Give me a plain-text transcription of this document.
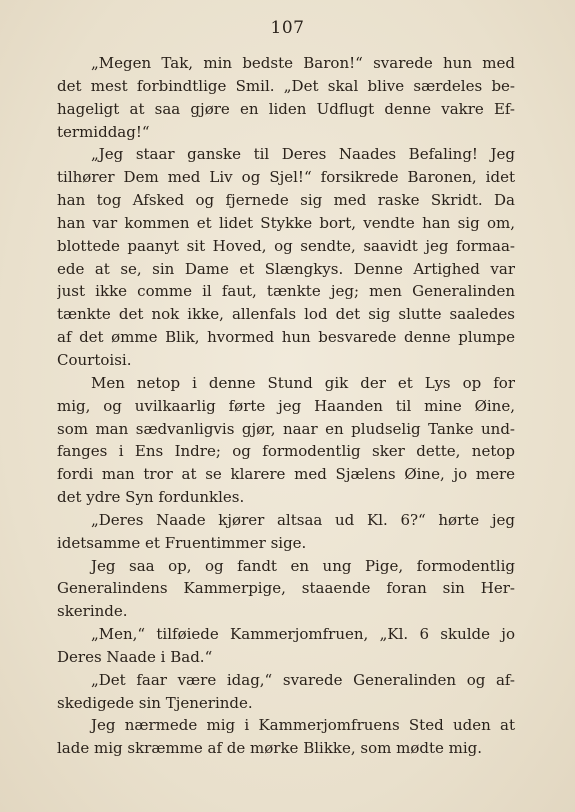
107
„Megen Tak, min bedste Baron!“ svarede hun med
det mest forbindtlige Smil. „Det skal blive særdeles be-
hageligt at saa gjøre en liden Udflugt denne vakre Ef-
termiddag!“
„Jeg staar ganske til Deres Naades Befaling! Jeg
tilhører Dem med Liv og Sjel!“ forsikrede Baronen, idet
han tog Afsked og fjernede sig med raske Skridt. Da
han var kommen et lidet Stykke bort, vendte han sig om,
blottede paanyt sit Hoved, og sendte, saavidt jeg formaa-
ede at se, sin Dame et Slængkys. Denne Artighed var
just ikke comme il faut, tænkte jeg; men Generalinden
tænkte det nok ikke, allenfals lod det sig slutte saaledes
af det ømme Blik, hvormed hun besvarede denne plumpe
Courtoisi.
Men netop i denne Stund gik der et Lys op for
mig, og uvilkaarlig førte jeg Haanden til mine Øine,
som man sædvanligvis gjør, naar en pludselig Tanke und-
fanges i Ens Indre; og formodentlig sker dette, netop
fordi man tror at se klarere med Sjælens Øine, jo mere
det ydre Syn fordunkles.
„Deres Naade kjører altsaa ud Kl. 6?“ hørte jeg
idetsamme et Fruentimmer sige.
Jeg saa op, og fandt en ung Pige, formodentlig
Generalindens Kammerpige, staaende foran sin Her-
skerinde.
„Men,“ tilføiede Kammerjomfruen, „Kl. 6 skulde jo
Deres Naade i Bad.“
„Det faar være idag,“ svarede Generalinden og af-
skedigede sin Tjenerinde.
Jeg nærmede mig i Kammerjomfruens Sted uden at
lade mig skræmme af de mørke Blikke, som mødte mig.
